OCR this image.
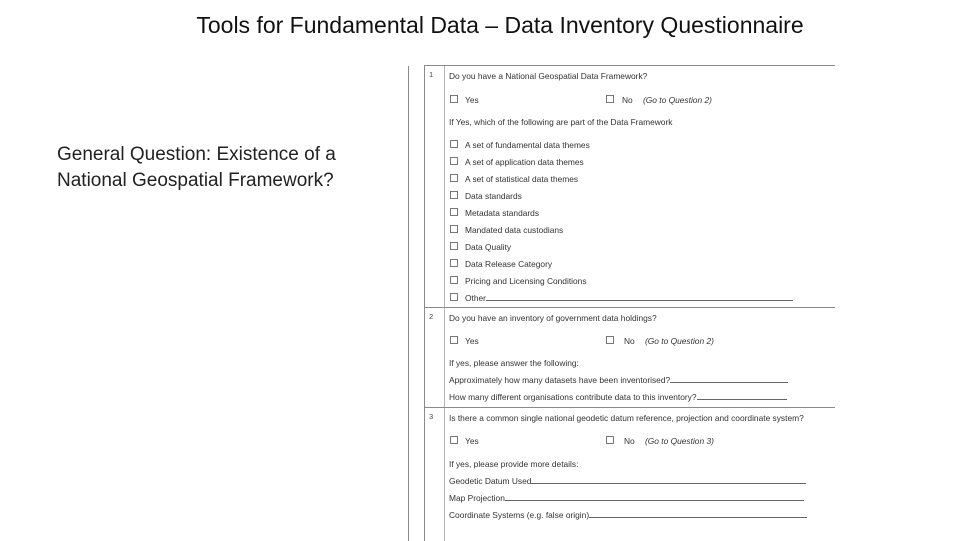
Tools for Fundamental Data – Data Inventory Questionnaire
General Question: Existence of a National Geospatial Framework?
1 Do you have a National Geospatial Data Framework?
Yes	No (Go to Question 2)
If Yes, which of the following are part of the Data Framework
A set of fundamental data themes
A set of application data themes
A set of statistical data themes
Data standards
Metadata standards
Mandated data custodians
Data Quality
Data Release Category
Pricing and Licensing Conditions
Other
2 Do you have an inventory of government data holdings?
Yes	No (Go to Question 2)
If yes, please answer the following:
Approximately how many datasets have been inventorised?
How many different organisations contribute data to this inventory?
3 Is there a common single national geodetic datum reference, projection and coordinate system?
Yes	No (Go to Question 3)
If yes, please provide more details:
Geodetic Datum Used
Map Projection
Coordinate Systems (e.g. false origin)
